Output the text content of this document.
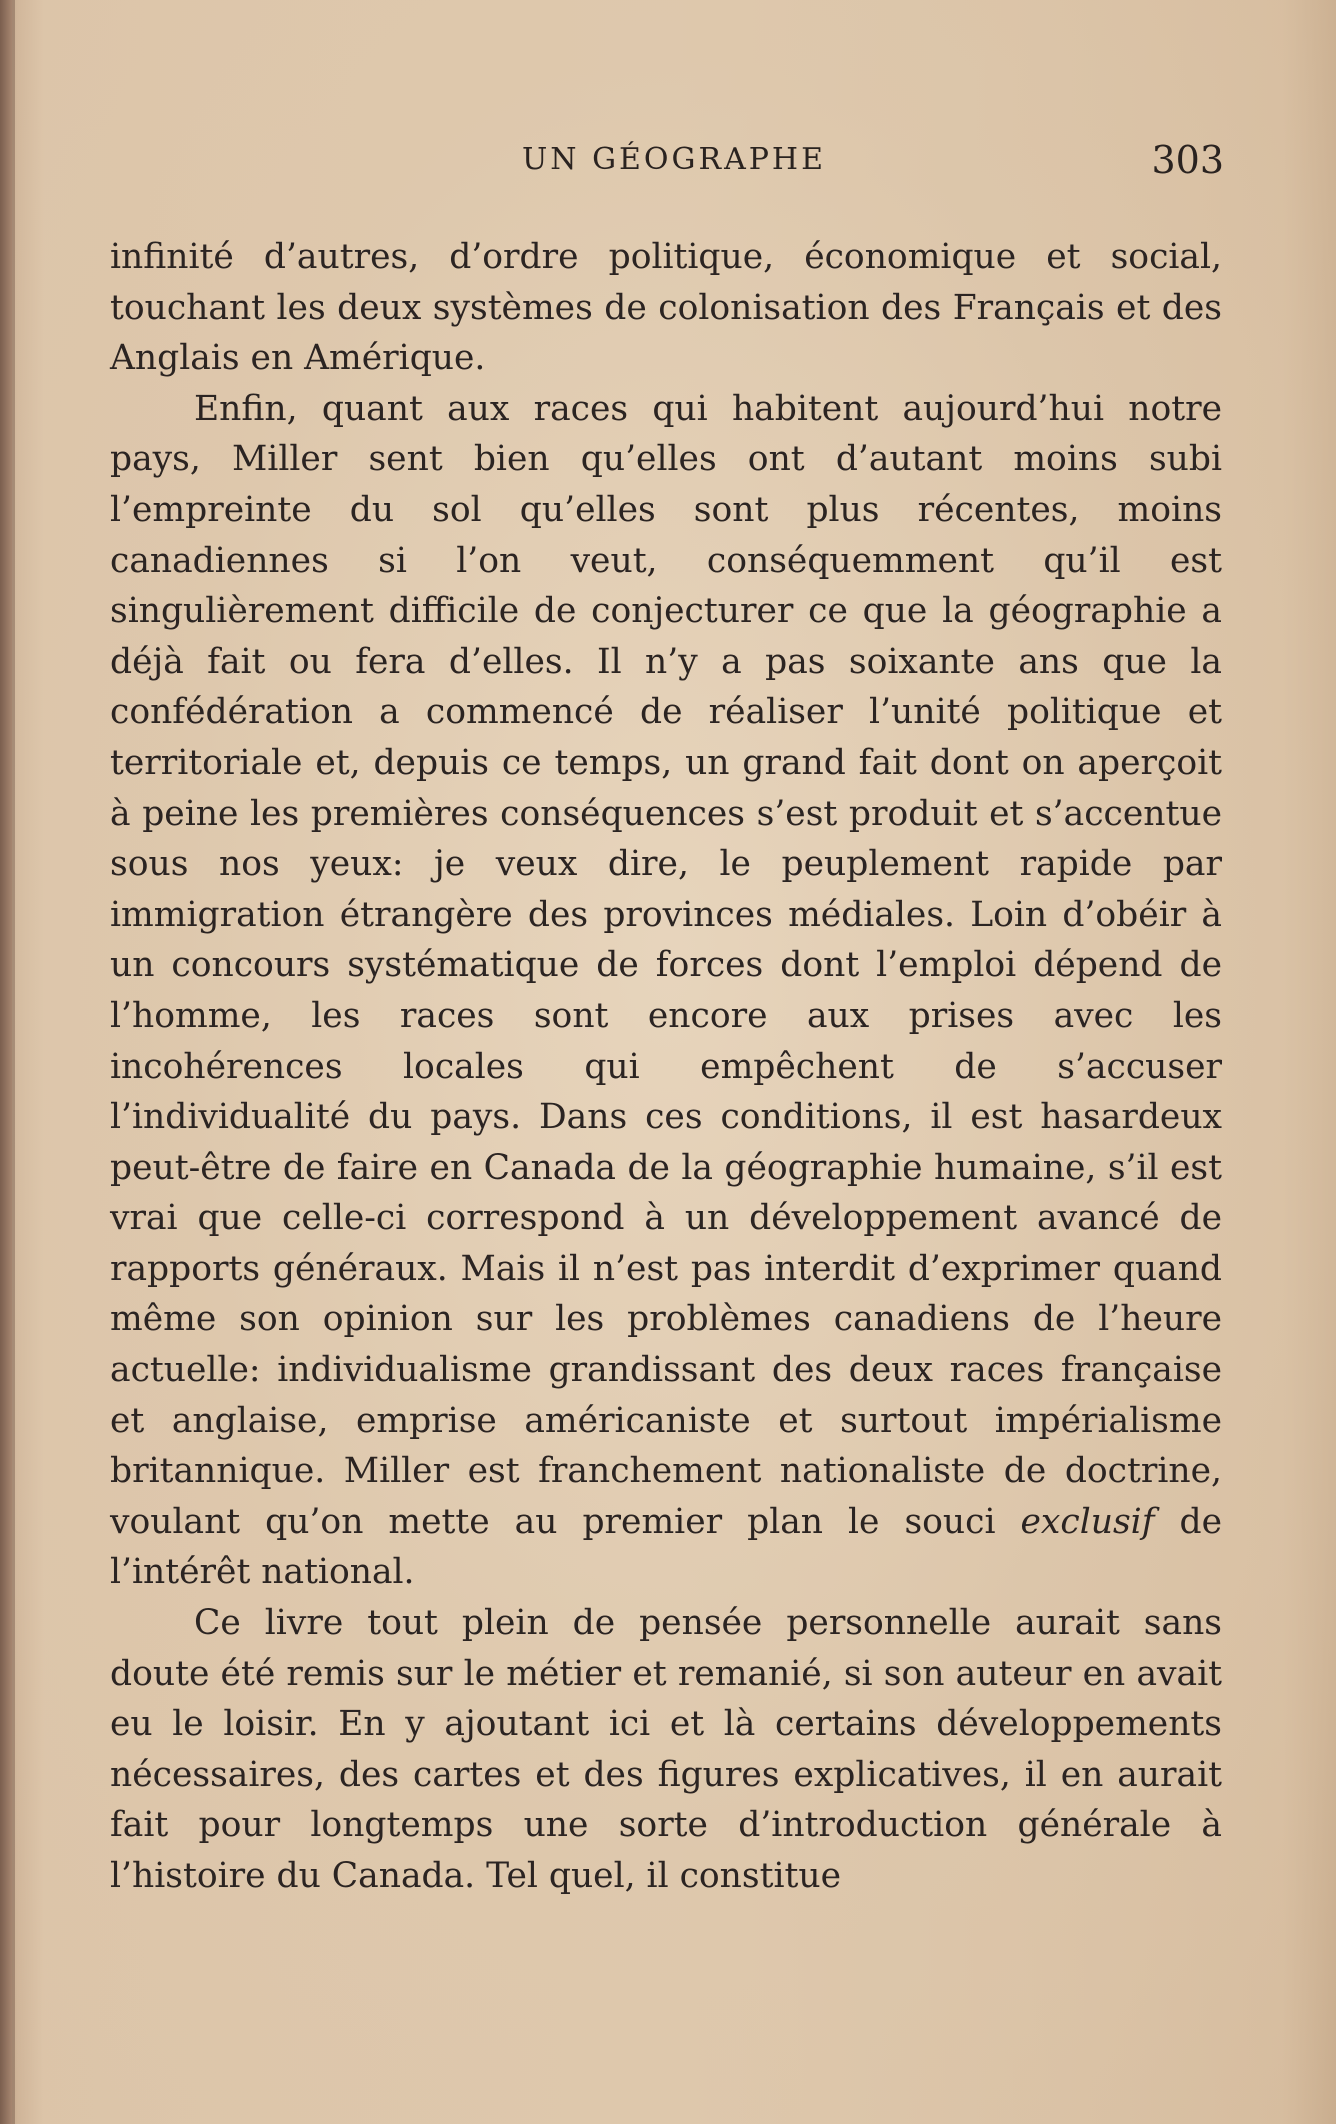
UN GÉOGRAPHE	303

infinité d’autres, d’ordre politique, économique et social, touchant les deux systèmes de colonisation des Français et des Anglais en Amérique.

Enfin, quant aux races qui habitent aujourd’hui notre pays, Miller sent bien qu’elles ont d’autant moins subi l’empreinte du sol qu’elles sont plus récentes, moins canadiennes si l’on veut, conséquemment qu’il est singulièrement difficile de conjecturer ce que la géographie a déjà fait ou fera d’elles. Il n’y a pas soixante ans que la confédération a commencé de réaliser l’unité politique et territoriale et, depuis ce temps, un grand fait dont on aperçoit à peine les premières conséquences s’est produit et s’accentue sous nos yeux: je veux dire, le peuplement rapide par immigration étrangère des provinces médiales. Loin d’obéir à un concours systématique de forces dont l’emploi dépend de l’homme, les races sont encore aux prises avec les incohérences locales qui empêchent de s’accuser l’individualité du pays. Dans ces conditions, il est hasardeux peut-être de faire en Canada de la géographie humaine, s’il est vrai que celle-ci correspond à un développement avancé de rapports généraux. Mais il n’est pas interdit d’exprimer quand même son opinion sur les problèmes canadiens de l’heure actuelle: individualisme grandissant des deux races française et anglaise, emprise américaniste et surtout impérialisme britannique. Miller est franchement nationaliste de doctrine, voulant qu’on mette au premier plan le souci exclusif de l’intérêt national.

Ce livre tout plein de pensée personnelle aurait sans doute été remis sur le métier et remanié, si son auteur en avait eu le loisir. En y ajoutant ici et là certains développements nécessaires, des cartes et des figures explicatives, il en aurait fait pour longtemps une sorte d’introduction générale à l’histoire du Canada. Tel quel, il constitue
